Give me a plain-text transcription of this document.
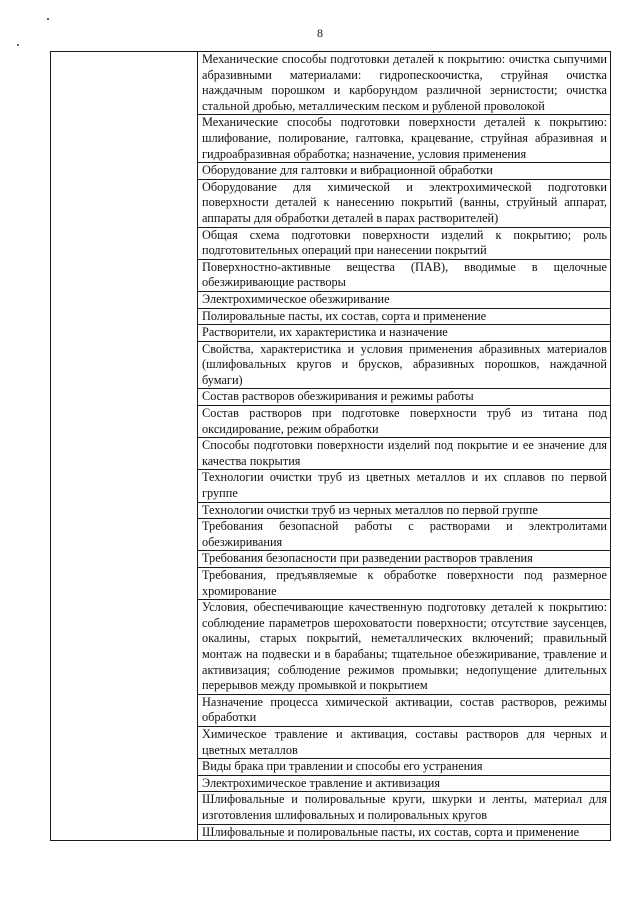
8

Механические способы подготовки деталей к покрытию: очистка сыпучими абразивными материалами: гидропескоочистка, струйная очистка наждачным порошком и карборундом различной зернистости; очистка стальной дробью, металлическим песком и рубленой проволокой

Механические способы подготовки поверхности деталей к покрытию: шлифование, полирование, галтовка, крацевание, струйная абразивная и гидроабразивная обработка; назначение, условия применения

Оборудование для галтовки и вибрационной обработки

Оборудование для химической и электрохимической подготовки поверхности деталей к нанесению покрытий (ванны, струйный аппарат, аппараты для обработки деталей в парах растворителей)

Общая схема подготовки поверхности изделий к покрытию; роль подготовительных операций при нанесении покрытий

Поверхностно-активные вещества (ПАВ), вводимые в щелочные обезжиривающие растворы

Электрохимическое обезжиривание

Полировальные пасты, их состав, сорта и применение

Растворители, их характеристика и назначение

Свойства, характеристика и условия применения абразивных материалов (шлифовальных кругов и брусков, абразивных порошков, наждачной бумаги)

Состав растворов обезжиривания и режимы работы

Состав растворов при подготовке поверхности труб из титана под оксидирование, режим обработки

Способы подготовки поверхности изделий под покрытие и ее значение для качества покрытия

Технологии очистки труб из цветных металлов и их сплавов по первой группе

Технологии очистки труб из черных металлов по первой группе

Требования безопасной работы с растворами и электролитами обезжиривания

Требования безопасности при разведении растворов травления

Требования, предъявляемые к обработке поверхности под размерное хромирование

Условия, обеспечивающие качественную подготовку деталей к покрытию: соблюдение параметров шероховатости поверхности; отсутствие заусенцев, окалины, старых покрытий, неметаллических включений; правильный монтаж на подвески и в барабаны; тщательное обезжиривание, травление и активизация; соблюдение режимов промывки; недопущение длительных перерывов между промывкой и покрытием

Назначение процесса химической активации, состав растворов, режимы обработки

Химическое травление и активация, составы растворов для черных и цветных металлов

Виды брака при травлении и способы его устранения

Электрохимическое травление и активизация

Шлифовальные и полировальные круги, шкурки и ленты, материал для изготовления шлифовальных и полировальных кругов

Шлифовальные и полировальные пасты, их состав, сорта и применение
